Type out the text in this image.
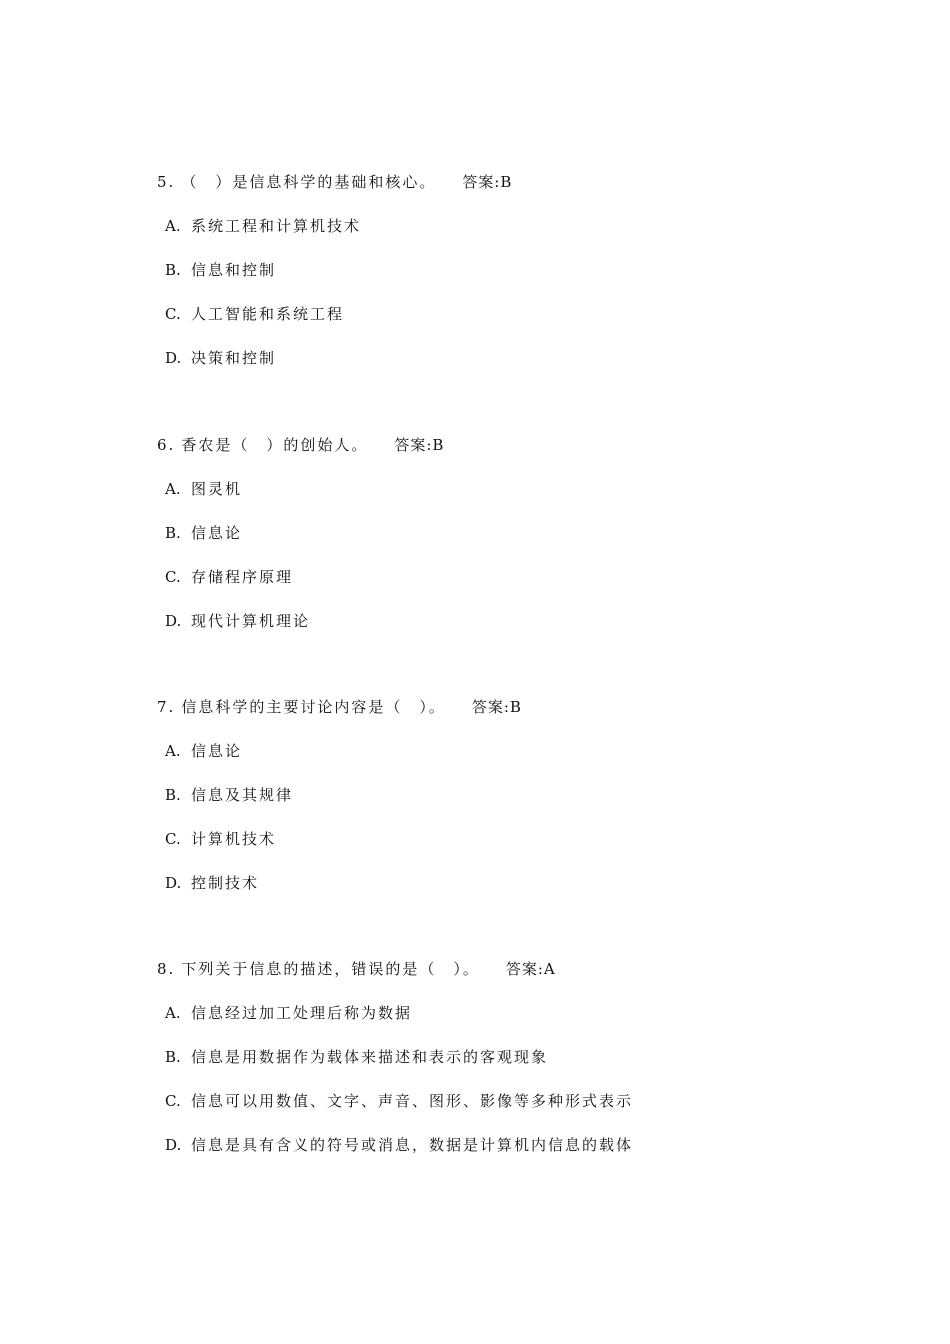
5. （　）是信息科学的基础和核心。 答案:B
A. 系统工程和计算机技术
B. 信息和控制
C. 人工智能和系统工程
D. 决策和控制
6. 香农是（　）的创始人。 答案:B
A. 图灵机
B. 信息论
C. 存储程序原理
D. 现代计算机理论
7. 信息科学的主要讨论内容是（　）。 答案:B
A. 信息论
B. 信息及其规律
C. 计算机技术
D. 控制技术
8. 下列关于信息的描述，错误的是（　）。 答案:A
A. 信息经过加工处理后称为数据
B. 信息是用数据作为载体来描述和表示的客观现象
C. 信息可以用数值、文字、声音、图形、影像等多种形式表示
D. 信息是具有含义的符号或消息，数据是计算机内信息的载体
